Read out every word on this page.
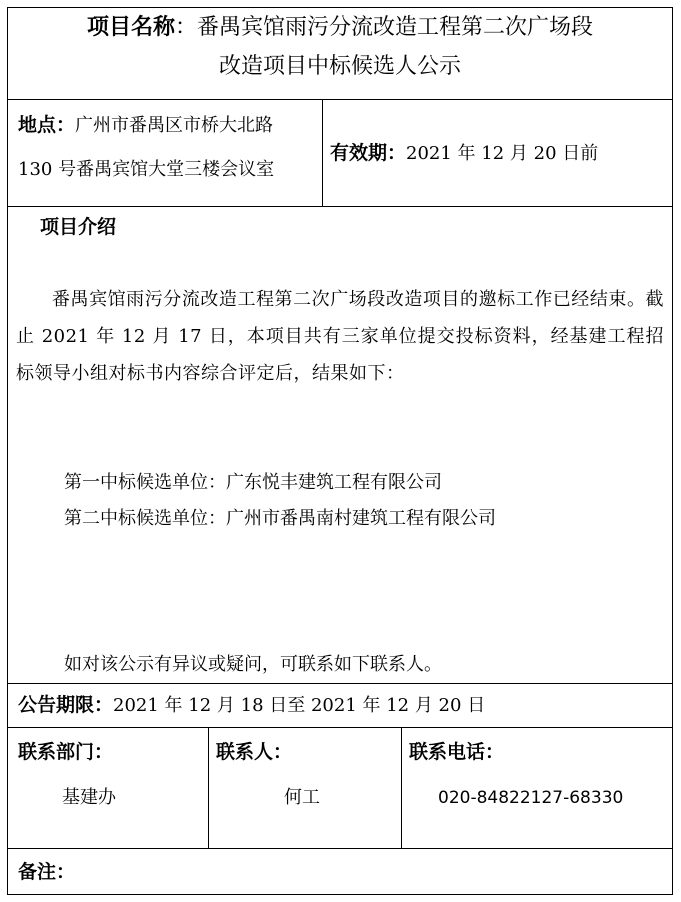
项目名称：番禺宾馆雨污分流改造工程第二次广场段
改造项目中标候选人公示
地点：广州市番禺区市桥大北路
130 号番禺宾馆大堂三楼会议室
有效期：2021 年 12 月 20 日前
项目介绍
番禺宾馆雨污分流改造工程第二次广场段改造项目的邀标工作已经结束。截止 2021 年 12 月 17 日，本项目共有三家单位提交投标资料，经基建工程招标领导小组对标书内容综合评定后，结果如下：
第一中标候选单位：广东悦丰建筑工程有限公司
第二中标候选单位：广州市番禺南村建筑工程有限公司
如对该公示有异议或疑问，可联系如下联系人。
公告期限：2021 年 12 月 18 日至 2021 年 12 月 20 日
联系部门：
基建办
联系人：
何工
联系电话：
020-84822127-68330
备注：
